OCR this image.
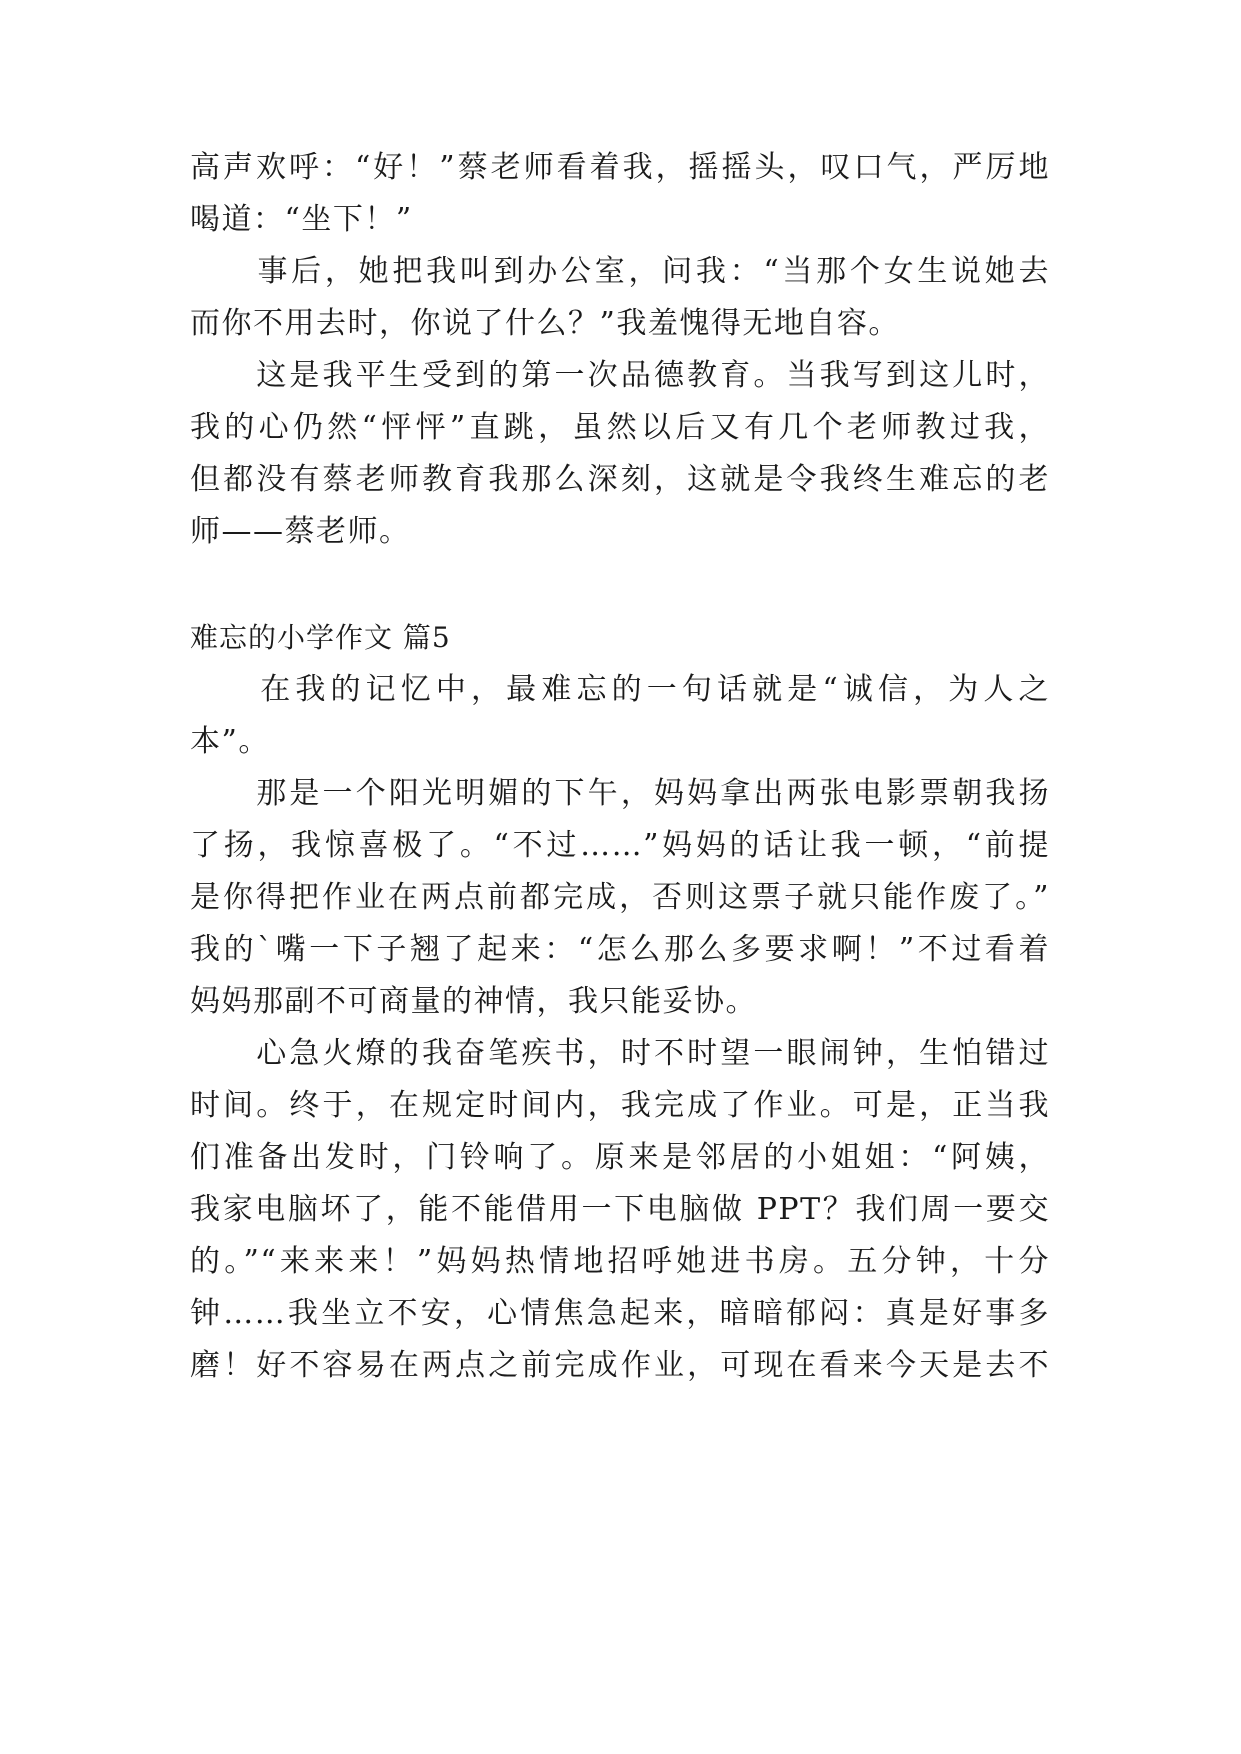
高声欢呼：“好！”蔡老师看着我，摇摇头，叹口气，严厉地
喝道：“坐下！”
　　事后，她把我叫到办公室，问我：“当那个女生说她去
而你不用去时，你说了什么？”我羞愧得无地自容。
　　这是我平生受到的第一次品德教育。当我写到这儿时，
我的心仍然“怦怦”直跳，虽然以后又有几个老师教过我，
但都没有蔡老师教育我那么深刻，这就是令我终生难忘的老
师——蔡老师。
难忘的小学作文 篇5
　　在我的记忆中，最难忘的一句话就是“诚信，为人之
本”。
　　那是一个阳光明媚的下午，妈妈拿出两张电影票朝我扬
了扬，我惊喜极了。“不过……”妈妈的话让我一顿，“前提
是你得把作业在两点前都完成，否则这票子就只能作废了。”
我的`嘴一下子翘了起来：“怎么那么多要求啊！”不过看着
妈妈那副不可商量的神情，我只能妥协。
　　心急火燎的我奋笔疾书，时不时望一眼闹钟，生怕错过
时间。终于，在规定时间内，我完成了作业。可是，正当我
们准备出发时，门铃响了。原来是邻居的小姐姐：“阿姨，
我家电脑坏了，能不能借用一下电脑做 PPT？我们周一要交
的。”“来来来！”妈妈热情地招呼她进书房。五分钟，十分
钟……我坐立不安，心情焦急起来，暗暗郁闷：真是好事多
磨！好不容易在两点之前完成作业，可现在看来今天是去不
